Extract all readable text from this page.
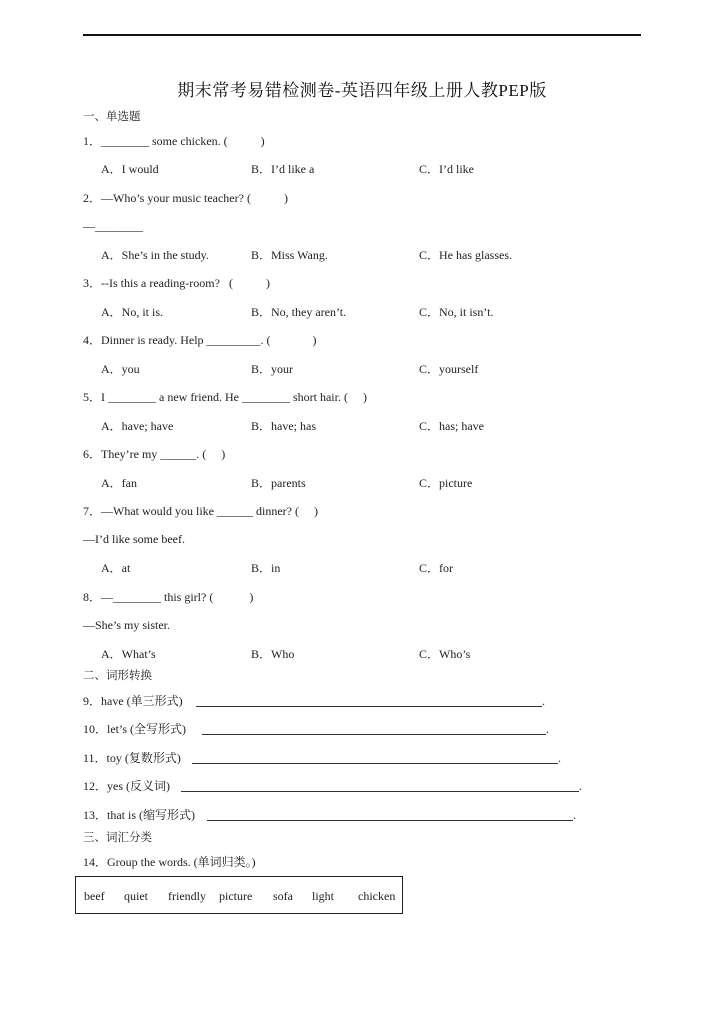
期末常考易错检测卷-英语四年级上册人教PEP版
一、单选题
1．________ some chicken. (           )
A．I would	B．I’d like a	C．I’d like
2．—Who’s your music teacher? (           )
—________
A．She’s in the study.	B．Miss Wang.	C．He has glasses.
3．--Is this a reading-room?   (           )
A．No, it is.	B．No, they aren’t.	C．No, it isn’t.
4．Dinner is ready. Help _________. (              )
A．you	B．your	C．yourself
5．I ________ a new friend. He ________ short hair. (     )
A．have; have	B．have; has	C．has; have
6．They’re my ______. (     )
A．fan	B．parents	C．picture
7．—What would you like ______ dinner? (     )
—I’d like some beef.
A．at	B．in	C．for
8．—________ this girl? (            )
—She’s my sister.
A．What’s	B．Who	C．Who’s
二、词形转换
9．have (单三形式)	.
10．let’s (全写形式)	.
11．toy (复数形式)	.
12．yes (反义词)	.
13．that is (缩写形式)	.
三、词汇分类
14．Group the words. (单词归类。)
beef quiet friendly picture sofa light chicken
